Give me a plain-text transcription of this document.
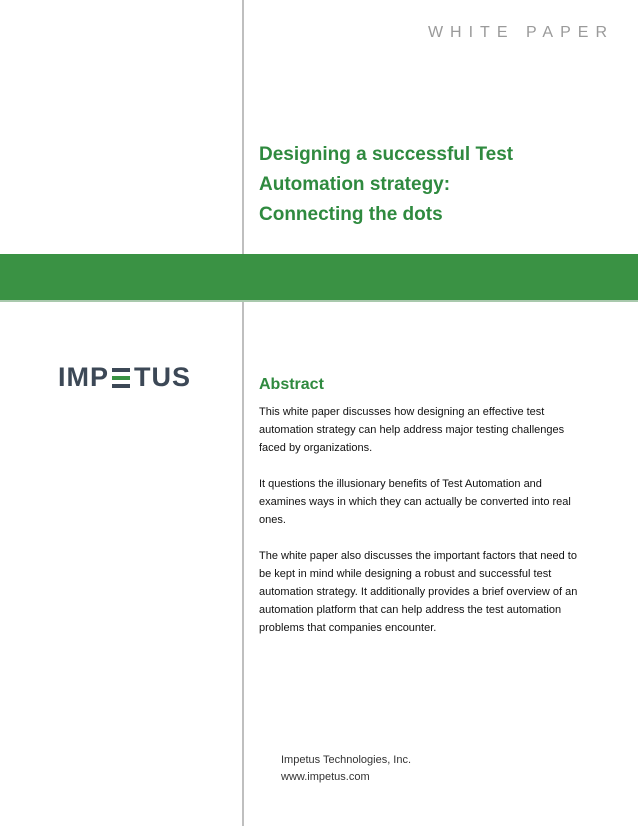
WHITE PAPER
Designing a successful Test
Automation strategy:
Connecting the dots
IMP TUS	Abstract

This white paper discusses how designing an effective test automation strategy can help address major testing challenges faced by organizations.

It questions the illusionary benefits of Test Automation and examines ways in which they can actually be converted into real ones.

The white paper also discusses the important factors that need to be kept in mind while designing a robust and successful test automation strategy. It additionally provides a brief overview of an automation platform that can help address the test automation problems that companies encounter.

Impetus Technologies, Inc.
www.impetus.com
